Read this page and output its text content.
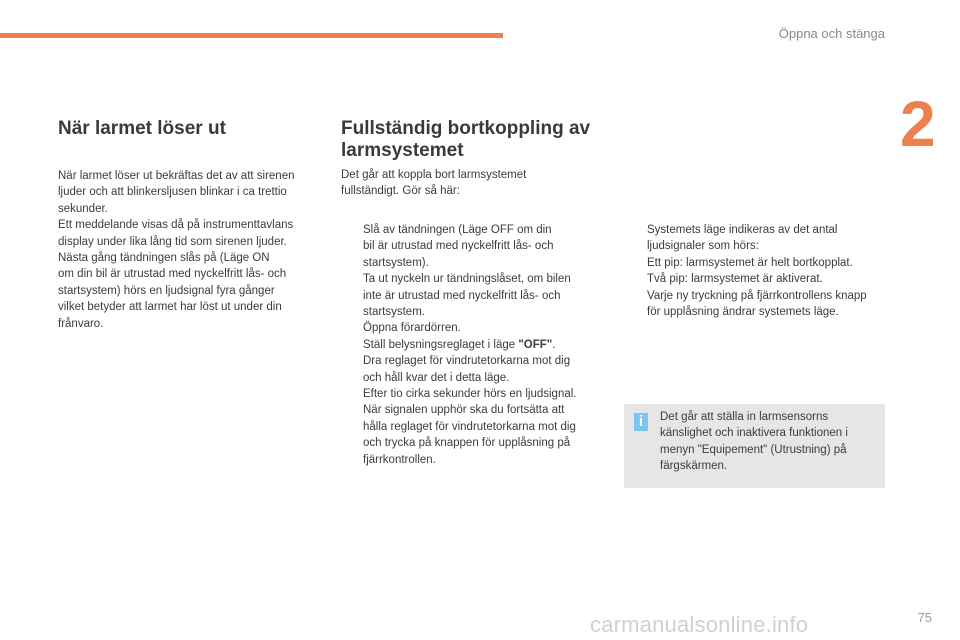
Öppna och stänga
2
När larmet löser ut
När larmet löser ut bekräftas det av att sirenen
ljuder och att blinkersljusen blinkar i ca trettio
sekunder.
Ett meddelande visas då på instrumenttavlans
display under lika lång tid som sirenen ljuder.
Nästa gång tändningen slås på (Läge ON
om din bil är utrustad med nyckelfritt lås- och
startsystem) hörs en ljudsignal fyra gånger
vilket betyder att larmet har löst ut under din
frånvaro.
Fullständig bortkoppling av
larmsystemet
Det går att koppla bort larmsystemet
fullständigt. Gör så här:
Slå av tändningen (Läge OFF om din
bil är utrustad med nyckelfritt lås- och
startsystem).
Ta ut nyckeln ur tändningslåset, om bilen
inte är utrustad med nyckelfritt lås- och
startsystem.
Öppna förardörren.
Ställ belysningsreglaget i läge "OFF".
Dra reglaget för vindrutetorkarna mot dig
och håll kvar det i detta läge.
Efter tio cirka sekunder hörs en ljudsignal.
När signalen upphör ska du fortsätta att
hålla reglaget för vindrutetorkarna mot dig
och trycka på knappen för upplåsning på
fjärrkontrollen.
Systemets läge indikeras av det antal
ljudsignaler som hörs:
Ett pip: larmsystemet är helt bortkopplat.
Två pip: larmsystemet är aktiverat.
Varje ny tryckning på fjärrkontrollens knapp
för upplåsning ändrar systemets läge.
i	Det går att ställa in larmsensorns
känslighet och inaktivera funktionen i
menyn "Equipement" (Utrustning) på
färgskärmen.
carmanualsonline.info	75
